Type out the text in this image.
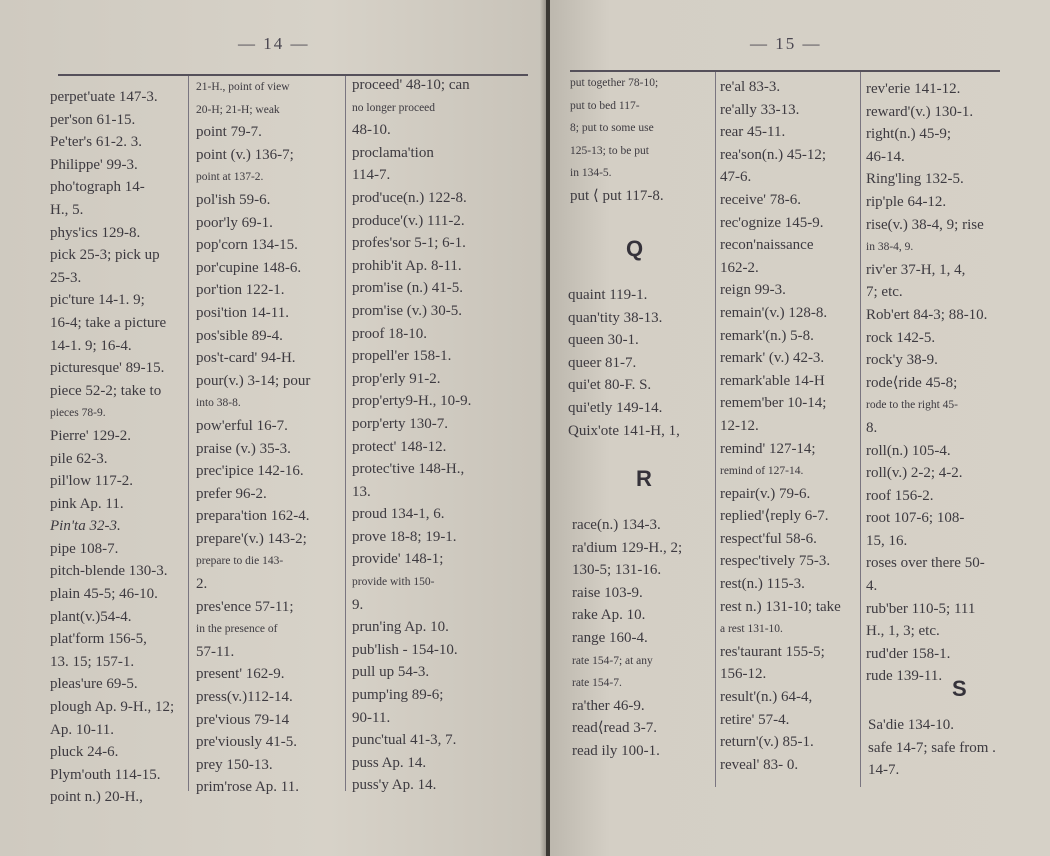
— 14 —
perpet'uate 147-3.
per'son 61-15.
Pe'ter's 61-2. 3.
Philippe' 99-3.
pho'tograph 14-
H., 5.
phys'ics 129-8.
pick 25-3; pick up
25-3.
pic'ture 14-1. 9;
16-4; take a picture
14-1. 9; 16-4.
picturesque' 89-15.
piece 52-2; take to
pieces 78-9.
Pierre' 129-2.
pile 62-3.
pil'low 117-2.
pink Ap. 11.
Pin'ta 32-3.
pipe 108-7.
pitch-blende 130-3.
plain 45-5; 46-10.
plant(v.)54-4.
plat'form 156-5,
13. 15; 157-1.
pleas'ure 69-5.
plough Ap. 9-H., 12;
Ap. 10-11.
pluck 24-6.
Plym'outh 114-15.
point n.) 20-H.,
21-H., point of view
20-H; 21-H; weak
point 79-7.
point (v.) 136-7;
point at 137-2.
pol'ish 59-6.
poor'ly 69-1.
pop'corn 134-15.
por'cupine 148-6.
por'tion 122-1.
posi'tion 14-11.
pos'sible 89-4.
pos't-card' 94-H.
pour(v.) 3-14; pour
into 38-8.
pow'erful 16-7.
praise (v.) 35-3.
prec'ipice 142-16.
prefer 96-2.
prepara'tion 162-4.
prepare'(v.) 143-2;
prepare to die 143-
2.
pres'ence 57-11;
in the presence of
57-11.
present' 162-9.
press(v.)112-14.
pre'vious 79-14
pre'viously 41-5.
prey 150-13.
prim'rose Ap. 11.
proceed' 48-10; can
no longer proceed
48-10.
proclama'tion
114-7.
prod'uce(n.) 122-8.
produce'(v.) 111-2.
profes'sor 5-1; 6-1.
prohib'it Ap. 8-11.
prom'ise (n.) 41-5.
prom'ise (v.) 30-5.
proof 18-10.
propell'er 158-1.
prop'erly 91-2.
prop'erty9-H., 10-9.
porp'erty 130-7.
protect' 148-12.
protec'tive 148-H.,
13.
proud 134-1, 6.
prove 18-8; 19-1.
provide' 148-1;
provide with 150-
9.
prun'ing Ap. 10.
pub'lish - 154-10.
pull up 54-3.
pump'ing 89-6;
90-11.
punc'tual 41-3, 7.
puss Ap. 14.
puss'y Ap. 14.
— 15 —
put together 78-10;
put to bed 117-
8; put to some use
125-13; to be put
in 134-5.
put ⟨ put 117-8.
Q
quaint 119-1.
quan'tity 38-13.
queen 30-1.
queer 81-7.
qui'et 80-F. S.
qui'etly 149-14.
Quix'ote 141-H, 1,
R
race(n.) 134-3.
ra'dium 129-H., 2;
130-5; 131-16.
raise 103-9.
rake Ap. 10.
range 160-4.
rate 154-7; at any
rate 154-7.
ra'ther 46-9.
read⟨read 3-7.
read ily 100-1.
re'al 83-3.
re'ally 33-13.
rear 45-11.
rea'son(n.) 45-12;
47-6.
receive' 78-6.
rec'ognize 145-9.
recon'naissance
162-2.
reign 99-3.
remain'(v.) 128-8.
remark'(n.) 5-8.
remark' (v.) 42-3.
remark'able 14-H
remem'ber 10-14;
12-12.
remind' 127-14;
remind of 127-14.
repair(v.) 79-6.
replied'⟨reply 6-7.
respect'ful 58-6.
respec'tively 75-3.
rest(n.) 115-3.
rest n.) 131-10; take
a rest 131-10.
res'taurant 155-5;
156-12.
result'(n.) 64-4,
retire' 57-4.
return'(v.) 85-1.
reveal' 83- 0.
rev'erie 141-12.
reward'(v.) 130-1.
right(n.) 45-9;
46-14.
Ring'ling 132-5.
rip'ple 64-12.
rise(v.) 38-4, 9; rise
in 38-4, 9.
riv'er 37-H, 1, 4,
7; etc.
Rob'ert 84-3; 88-10.
rock 142-5.
rock'y 38-9.
rode⟨ride 45-8;
rode to the right 45-
8.
roll(n.) 105-4.
roll(v.) 2-2; 4-2.
roof 156-2.
root 107-6; 108-
15, 16.
roses over there 50-
4.
rub'ber 110-5; 111
H., 1, 3; etc.
rud'der 158-1.
rude 139-11. S
Sa'die 134-10.
safe 14-7; safe from .
14-7.
